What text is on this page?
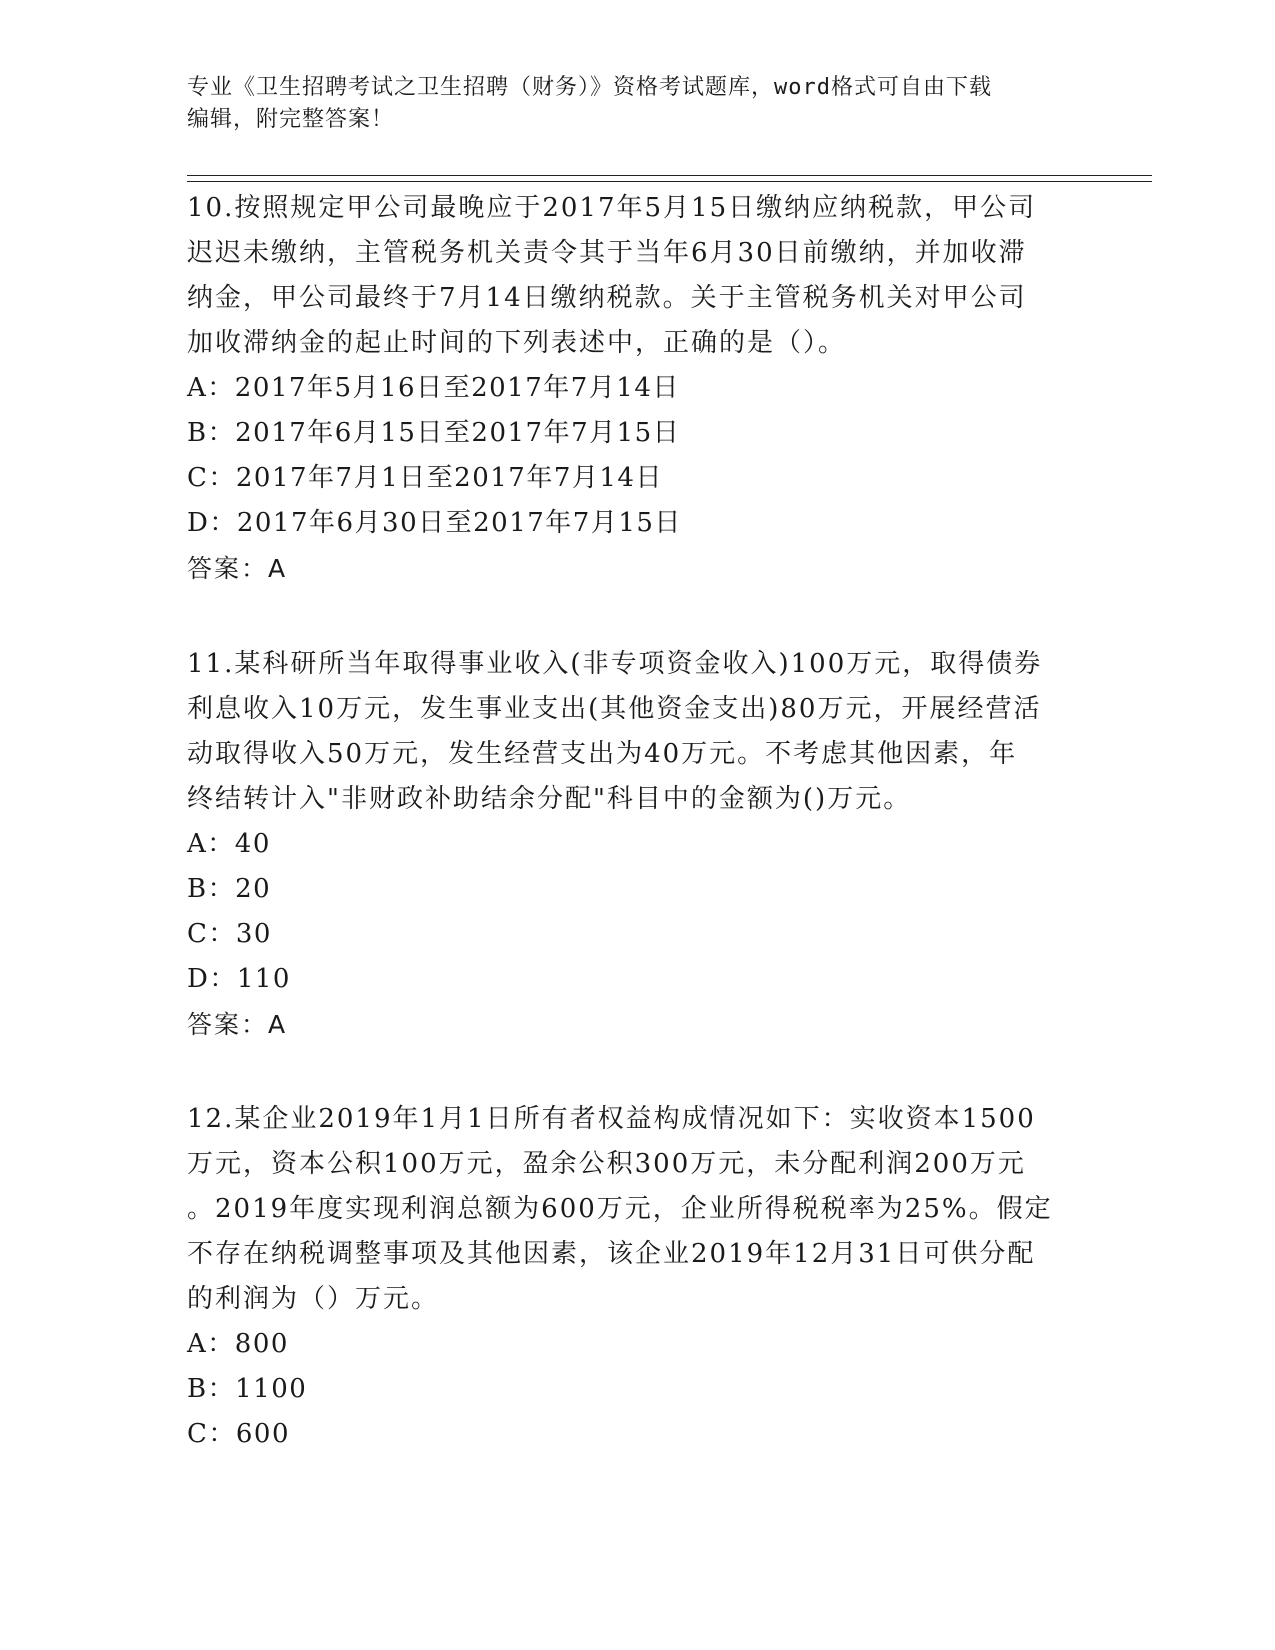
专业《卫生招聘考试之卫生招聘（财务）》资格考试题库，word格式可自由下载
编辑，附完整答案！

10.按照规定甲公司最晚应于2017年5月15日缴纳应纳税款，甲公司

迟迟未缴纳，主管税务机关责令其于当年6月30日前缴纳，并加收滞

纳金，甲公司最终于7月14日缴纳税款。关于主管税务机关对甲公司

加收滞纳金的起止时间的下列表述中，正确的是（）。

A：2017年5月16日至2017年7月14日

B：2017年6月15日至2017年7月15日

C：2017年7月1日至2017年7月14日

D：2017年6月30日至2017年7月15日

答案：A

11.某科研所当年取得事业收入(非专项资金收入)100万元，取得债券

利息收入10万元，发生事业支出(其他资金支出)80万元，开展经营活

动取得收入50万元，发生经营支出为40万元。不考虑其他因素，年

终结转计入"非财政补助结余分配"科目中的金额为()万元。

A：40

B：20

C：30

D：110

答案：A

12.某企业2019年1月1日所有者权益构成情况如下：实收资本1500

万元，资本公积100万元，盈余公积300万元，未分配利润200万元

。2019年度实现利润总额为600万元，企业所得税税率为25%。假定

不存在纳税调整事项及其他因素，该企业2019年12月31日可供分配

的利润为（）万元。

A：800

B：1100

C：600
